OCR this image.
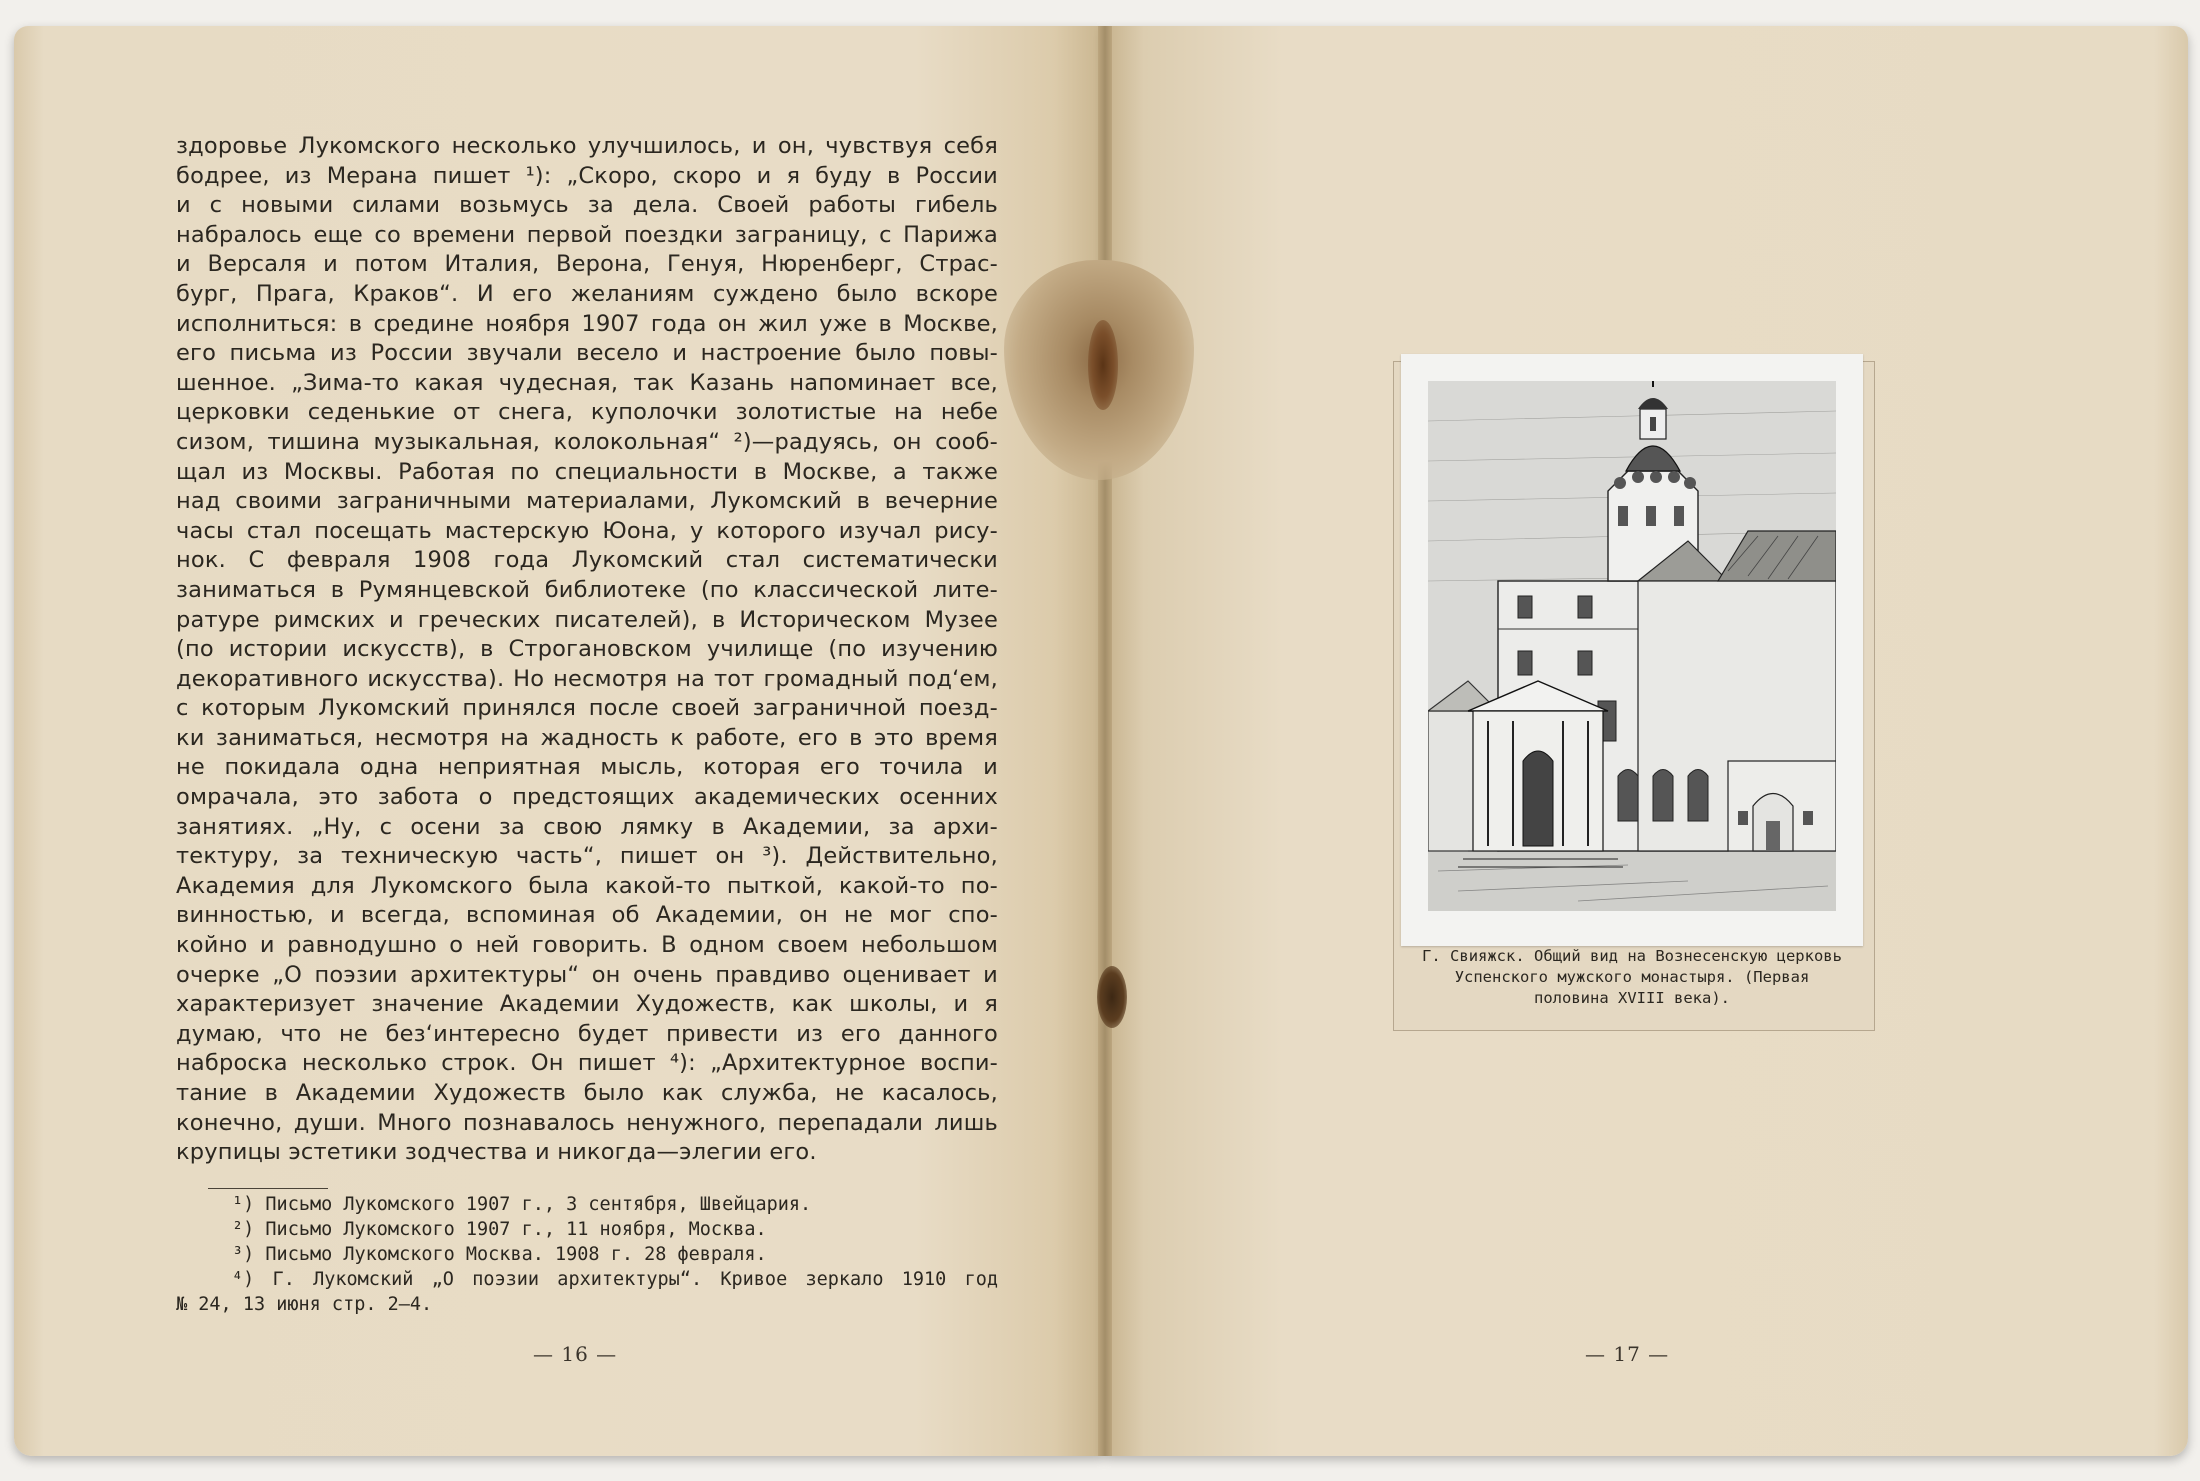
здоровье Лукомского несколько улучшилось, и он, чувствуя себя
бодрее, из Мерана пишет ¹): „Скоро, скоро и я буду в России
и с новыми силами возьмусь за дела. Своей работы гибель
набралось еще со времени первой поездки заграницу, с Парижа
и Версаля и потом Италия, Верона, Генуя, Нюренберг, Страс-
бург, Прага, Краков“. И его желаниям суждено было вскоре
исполниться: в средине ноября 1907 года он жил уже в Москве,
его письма из России звучали весело и настроение было повы-
шенное. „Зима-то какая чудесная, так Казань напоминает все,
церковки седенькие от снега, куполочки золотистые на небе
сизом, тишина музыкальная, колокольная“ ²)—радуясь, он сооб-
щал из Москвы. Работая по специальности в Москве, а также
над своими заграничными материалами, Лукомский в вечерние
часы стал посещать мастерскую Юона, у которого изучал рису-
нок. С февраля 1908 года Лукомский стал систематически
заниматься в Румянцевской библиотеке (по классической лите-
ратуре римских и греческих писателей), в Историческом Музее
(по истории искусств), в Строгановском училище (по изучению
декоративного искусства). Но несмотря на тот громадный под‘ем,
с которым Лукомский принялся после своей заграничной поезд-
ки заниматься, несмотря на жадность к работе, его в это время
не покидала одна неприятная мысль, которая его точила и
омрачала, это забота о предстоящих академических осенних
занятиях. „Ну, с осени за свою лямку в Академии, за архи-
тектуру, за техническую часть“, пишет он ³). Действительно,
Академия для Лукомского была какой-то пыткой, какой-то по-
винностью, и всегда, вспоминая об Академии, он не мог спо-
койно и равнодушно о ней говорить. В одном своем небольшом
очерке „О поэзии архитектуры“ он очень правдиво оценивает и
характеризует значение Академии Художеств, как школы, и я
думаю, что не без‘интересно будет привести из его данного
наброска несколько строк. Он пишет ⁴): „Архитектурное воспи-
тание в Академии Художеств было как служба, не касалось,
конечно, души. Много познавалось ненужного, перепадали лишь
крупицы эстетики зодчества и никогда—элегии его.
¹) Письмо Лукомского 1907 г., 3 сентября, Швейцария.
²) Письмо Лукомского 1907 г., 11 ноября, Москва.
³) Письмо Лукомского Москва. 1908 г. 28 февраля.
⁴) Г. Лукомский „О поэзии архитектуры“. Кривое зеркало 1910 год
№ 24, 13 июня стр. 2—4.
— 16 —	— 17 —
Г. Свияжск. Общий вид на Вознесенскую церковь
Успенского мужского монастыря. (Первая
половина XVIII века).
